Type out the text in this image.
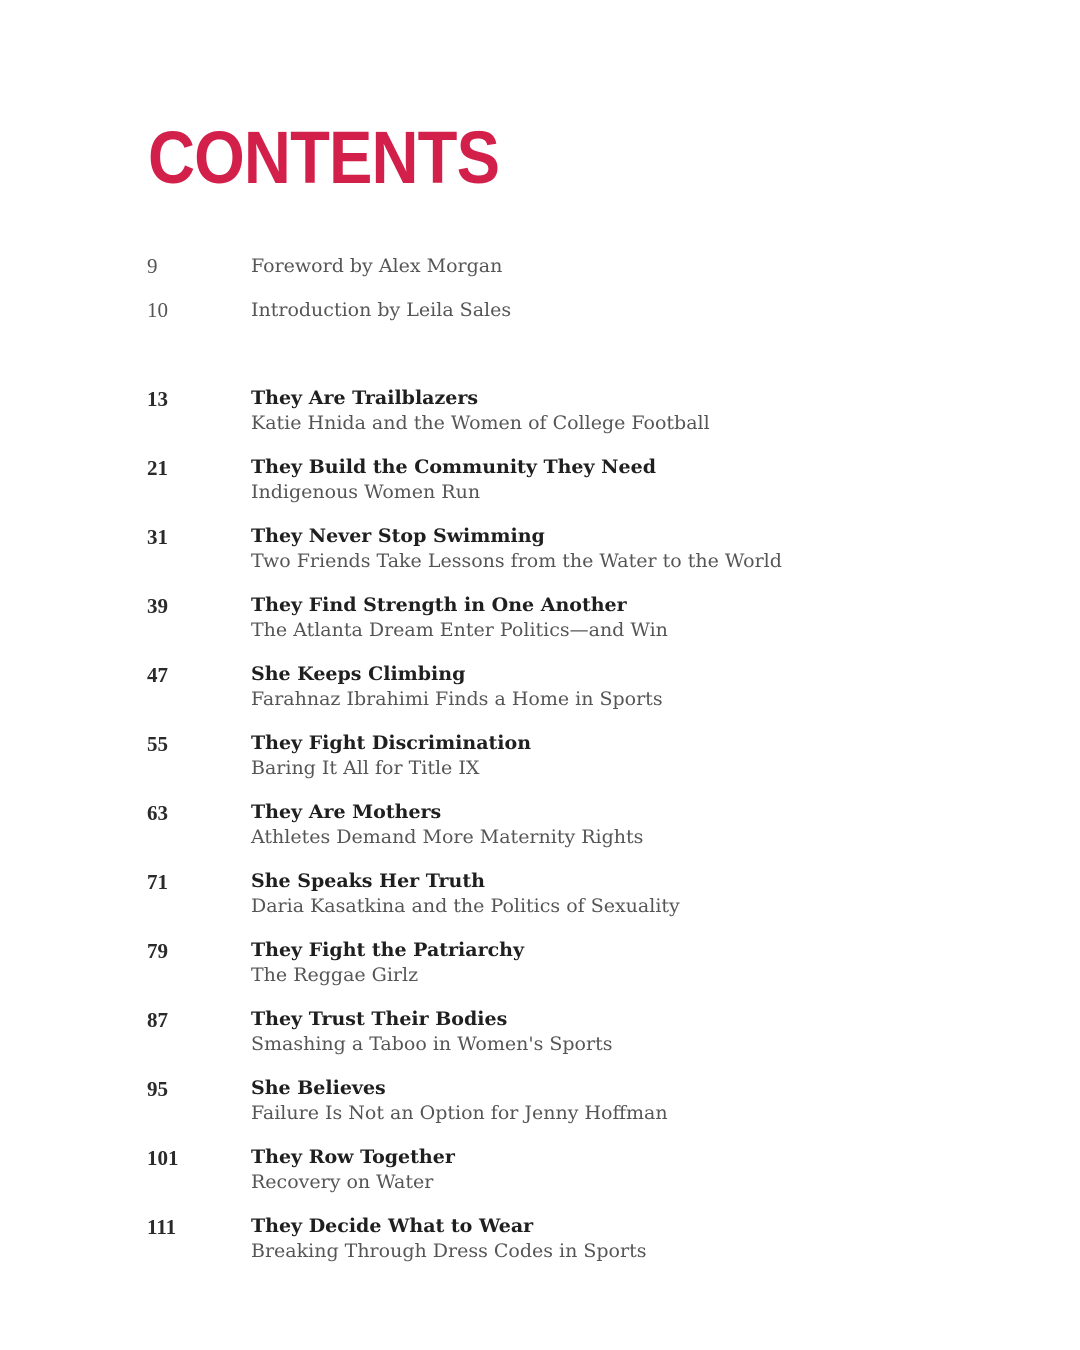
CONTENTS
9	Foreword by Alex Morgan
10	Introduction by Leila Sales
13	They Are Trailblazers
Katie Hnida and the Women of College Football
21	They Build the Community They Need
Indigenous Women Run
31	They Never Stop Swimming
Two Friends Take Lessons from the Water to the World
39	They Find Strength in One Another
The Atlanta Dream Enter Politics—and Win
47	She Keeps Climbing
Farahnaz Ibrahimi Finds a Home in Sports
55	They Fight Discrimination
Baring It All for Title IX
63	They Are Mothers
Athletes Demand More Maternity Rights
71	She Speaks Her Truth
Daria Kasatkina and the Politics of Sexuality
79	They Fight the Patriarchy
The Reggae Girlz
87	They Trust Their Bodies
Smashing a Taboo in Women's Sports
95	She Believes
Failure Is Not an Option for Jenny Hoffman
101	They Row Together
Recovery on Water
111	They Decide What to Wear
Breaking Through Dress Codes in Sports
